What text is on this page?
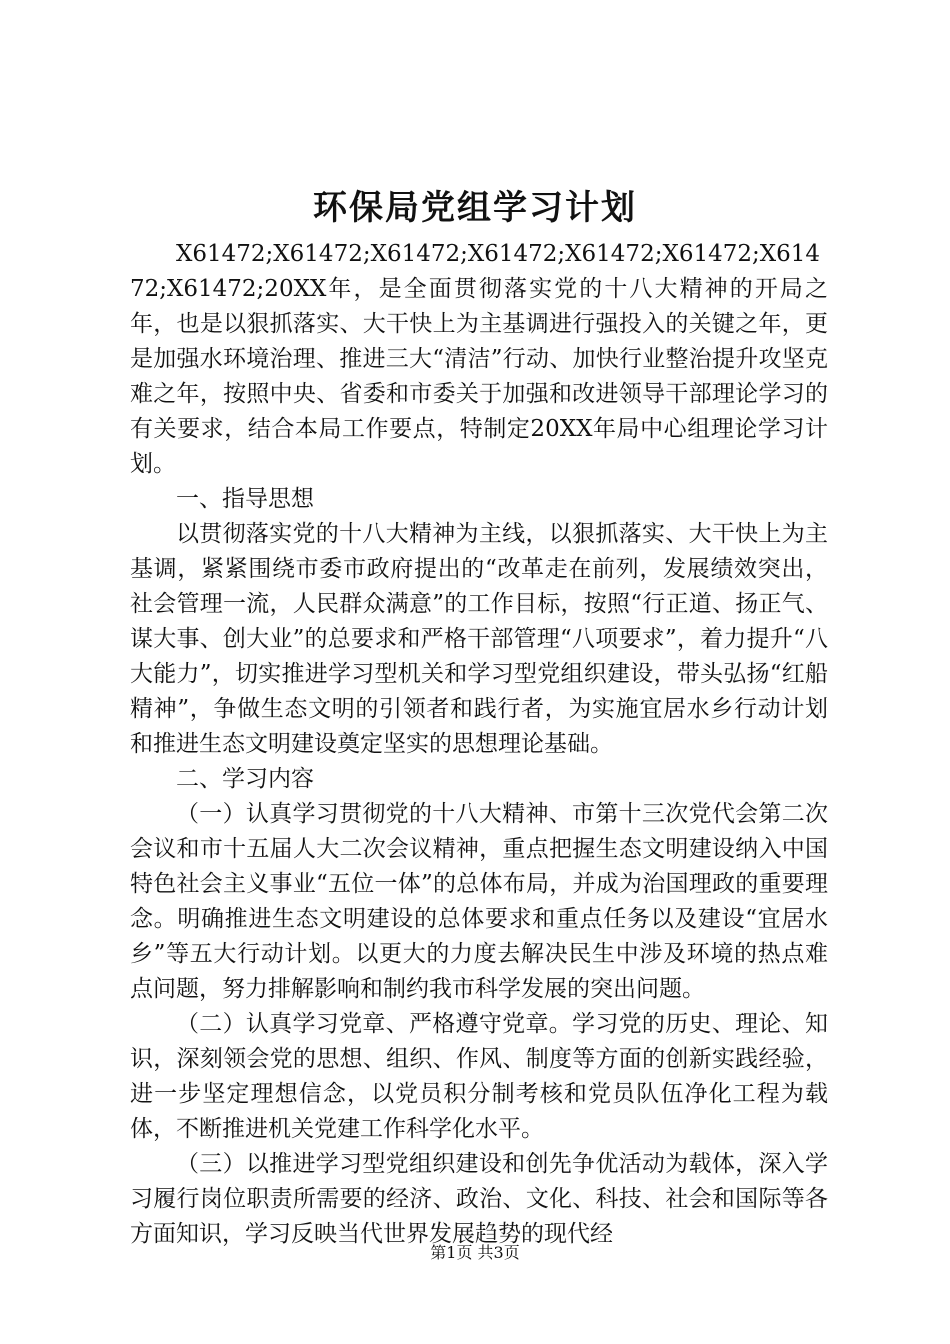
环保局党组学习计划

X61472;X61472;X61472;X61472;X61472;X61472;X61472;X61472;20XX年，是全面贯彻落实党的十八大精神的开局之年，也是以狠抓落实、大干快上为主基调进行强投入的关键之年，更是加强水环境治理、推进三大“清洁”行动、加快行业整治提升攻坚克难之年，按照中央、省委和市委关于加强和改进领导干部理论学习的有关要求，结合本局工作要点，特制定20XX年局中心组理论学习计划。

一、指导思想

以贯彻落实党的十八大精神为主线，以狠抓落实、大干快上为主基调，紧紧围绕市委市政府提出的“改革走在前列，发展绩效突出，社会管理一流，人民群众满意”的工作目标，按照“行正道、扬正气、谋大事、创大业”的总要求和严格干部管理“八项要求”，着力提升“八大能力”，切实推进学习型机关和学习型党组织建设，带头弘扬“红船精神”，争做生态文明的引领者和践行者，为实施宜居水乡行动计划和推进生态文明建设奠定坚实的思想理论基础。

二、学习内容

（一）认真学习贯彻党的十八大精神、市第十三次党代会第二次会议和市十五届人大二次会议精神，重点把握生态文明建设纳入中国特色社会主义事业“五位一体”的总体布局，并成为治国理政的重要理念。明确推进生态文明建设的总体要求和重点任务以及建设“宜居水乡”等五大行动计划。以更大的力度去解决民生中涉及环境的热点难点问题，努力排解影响和制约我市科学发展的突出问题。

（二）认真学习党章、严格遵守党章。学习党的历史、理论、知识，深刻领会党的思想、组织、作风、制度等方面的创新实践经验，进一步坚定理想信念，以党员积分制考核和党员队伍净化工程为载体，不断推进机关党建工作科学化水平。

（三）以推进学习型党组织建设和创先争优活动为载体，深入学习履行岗位职责所需要的经济、政治、文化、科技、社会和国际等各方面知识，学习反映当代世界发展趋势的现代经

第1页 共3页
